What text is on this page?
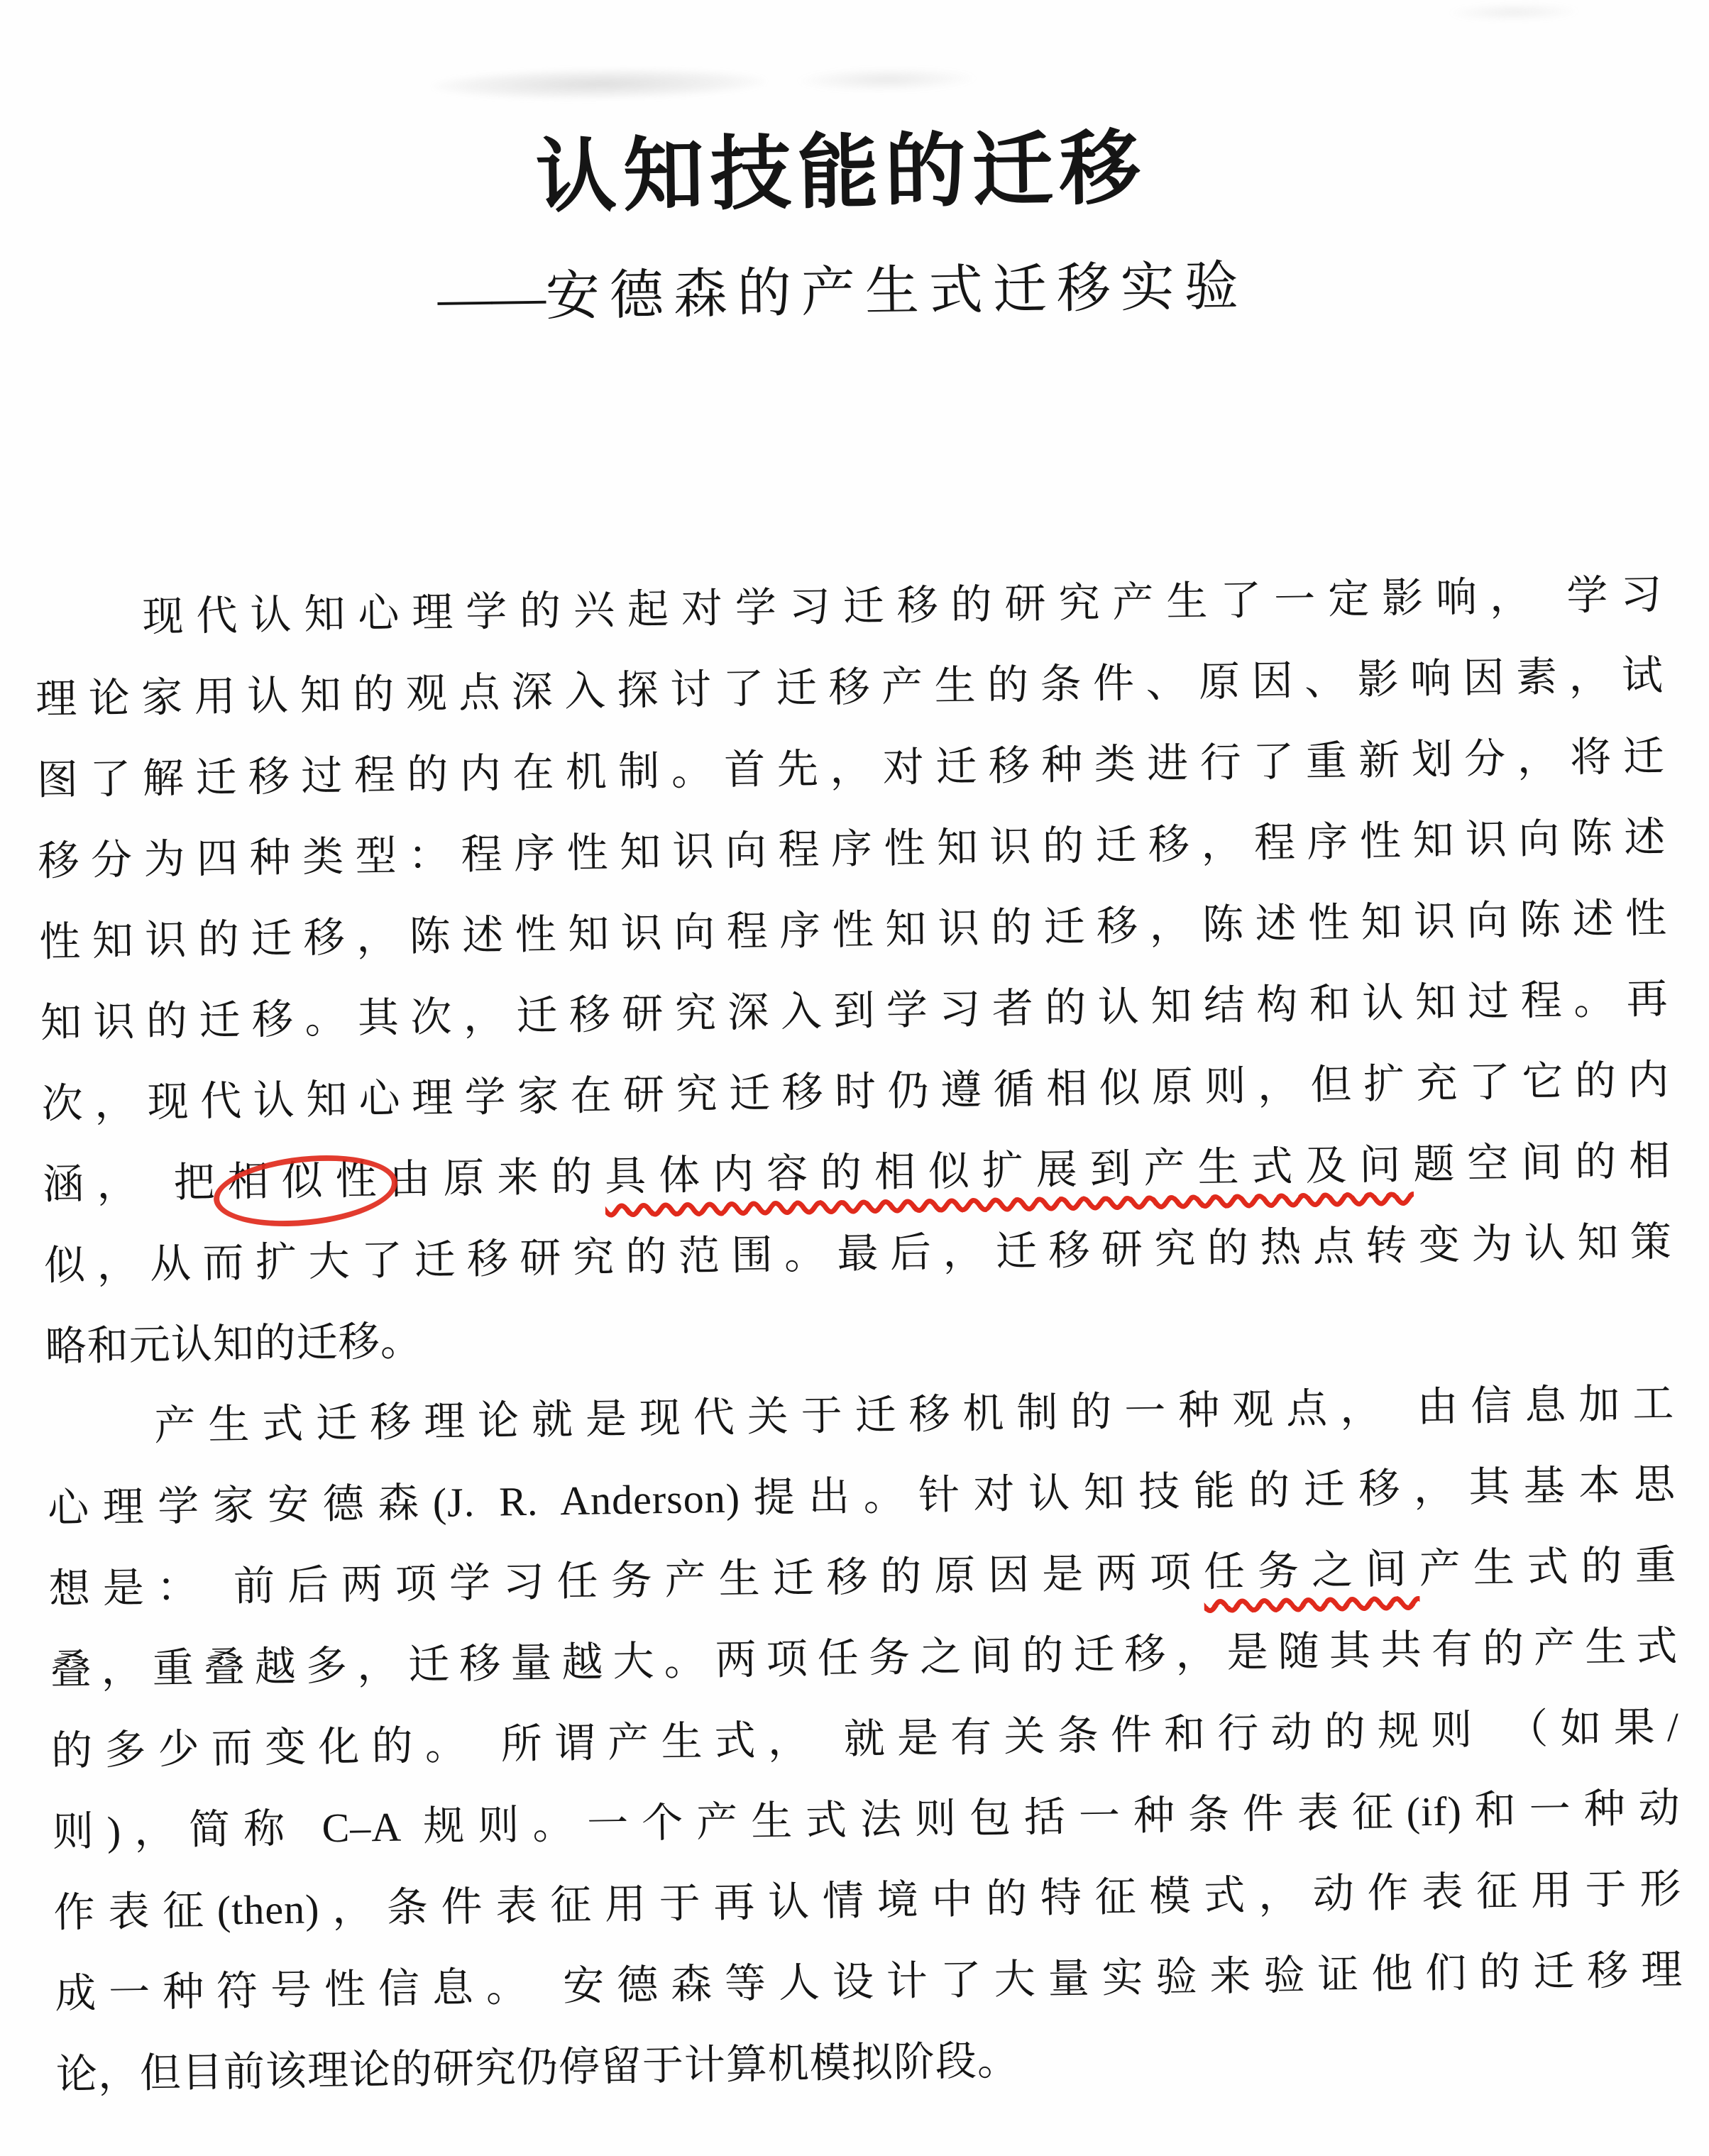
认知技能的迁移
——安德森的产生式迁移实验
现代认知心理学的兴起对学习迁移的研究产生了一定影响， 学习
理论家用认知的观点深入探讨了迁移产生的条件、原因、影响因素，试
图了解迁移过程的内在机制。首先，对迁移种类进行了重新划分，将迁
移分为四种类型：程序性知识向程序性知识的迁移，程序性知识向陈述
性知识的迁移，陈述性知识向程序性知识的迁移，陈述性知识向陈述性
知识的迁移。其次，迁移研究深入到学习者的认知结构和认知过程。再
次，现代认知心理学家在研究迁移时仍遵循相似原则，但扩充了它的内
涵， 把相似性由原来的具体内容的相似扩展到产生式及问题空间的相
似，从而扩大了迁移研究的范围。最后，迁移研究的热点转变为认知策
略和元认知的迁移。
产生式迁移理论就是现代关于迁移机制的一种观点， 由信息加工
心理学家安德森(J. R. Anderson)提出。针对认知技能的迁移，其基本思
想是： 前后两项学习任务产生迁移的原因是两项任务之间产生式的重
叠，重叠越多，迁移量越大。两项任务之间的迁移，是随其共有的产生式
的多少而变化的。 所谓产生式， 就是有关条件和行动的规则 （如果/
则)，简称 C–A 规则。一个产生式法则包括一种条件表征(if)和一种动
作表征(then)，条件表征用于再认情境中的特征模式，动作表征用于形
成一种符号性信息。 安德森等人设计了大量实验来验证他们的迁移理
论，但目前该理论的研究仍停留于计算机模拟阶段。
